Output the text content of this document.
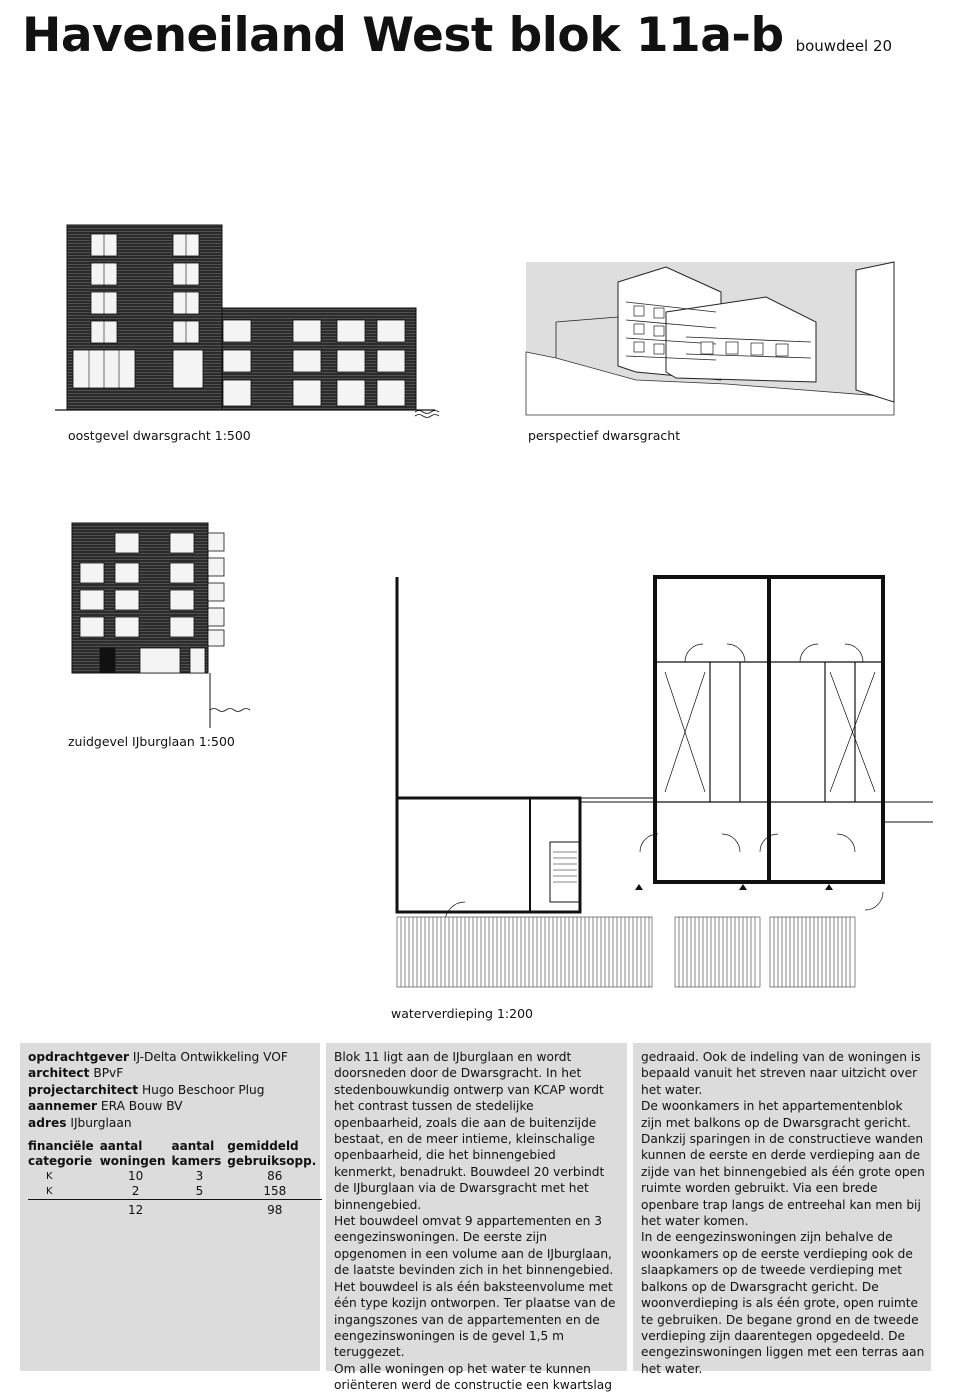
Haveneiland West blok 11a-b bouwdeel 20
oostgevel dwarsgracht 1:500	perspectief dwarsgracht
zuidgevel IJburglaan 1:500
waterverdieping 1:200

opdrachtgever IJ-Delta Ontwikkeling VOF

architect BPvF

projectarchitect Hugo Beschoor Plug

aannemer ERA Bouw BV

adres IJburglaan

financiële categorie	aantal woningen	aantal kamers	gemiddeld gebruiksopp.
K	10	3	86
K	2	5	158
	12		98

Blok 11 ligt aan de IJburglaan en wordt doorsneden door de Dwarsgracht. In het stedenbouwkundig ontwerp van KCAP wordt het contrast tussen de stedelijke openbaarheid, zoals die aan de buitenzijde bestaat, en de meer intieme, kleinschalige openbaarheid, die het binnengebied kenmerkt, benadrukt. Bouwdeel 20 verbindt de IJburglaan via de Dwarsgracht met het binnengebied.

Het bouwdeel omvat 9 appartementen en 3 eengezinswoningen. De eerste zijn opgenomen in een volume aan de IJburglaan, de laatste bevinden zich in het binnengebied. Het bouwdeel is als één baksteenvolume met één type kozijn ontworpen. Ter plaatse van de ingangszones van de appartementen en de eengezinswoningen is de gevel 1,5 m teruggezet.

Om alle woningen op het water te kunnen oriënteren werd de constructie een kwartslag

gedraaid. Ook de indeling van de woningen is bepaald vanuit het streven naar uitzicht over het water.

De woonkamers in het appartementenblok zijn met balkons op de Dwarsgracht gericht. Dankzij sparingen in de constructieve wanden kunnen de eerste en derde verdieping aan de zijde van het binnengebied als één grote open ruimte worden gebruikt. Via een brede openbare trap langs de entreehal kan men bij het water komen.

In de eengezinswoningen zijn behalve de woonkamers op de eerste verdieping ook de slaapkamers op de tweede verdieping met balkons op de Dwarsgracht gericht. De woonverdieping is als één grote, open ruimte te gebruiken. De begane grond en de tweede verdieping zijn daarentegen opgedeeld. De eengezinswoningen liggen met een terras aan het water.
